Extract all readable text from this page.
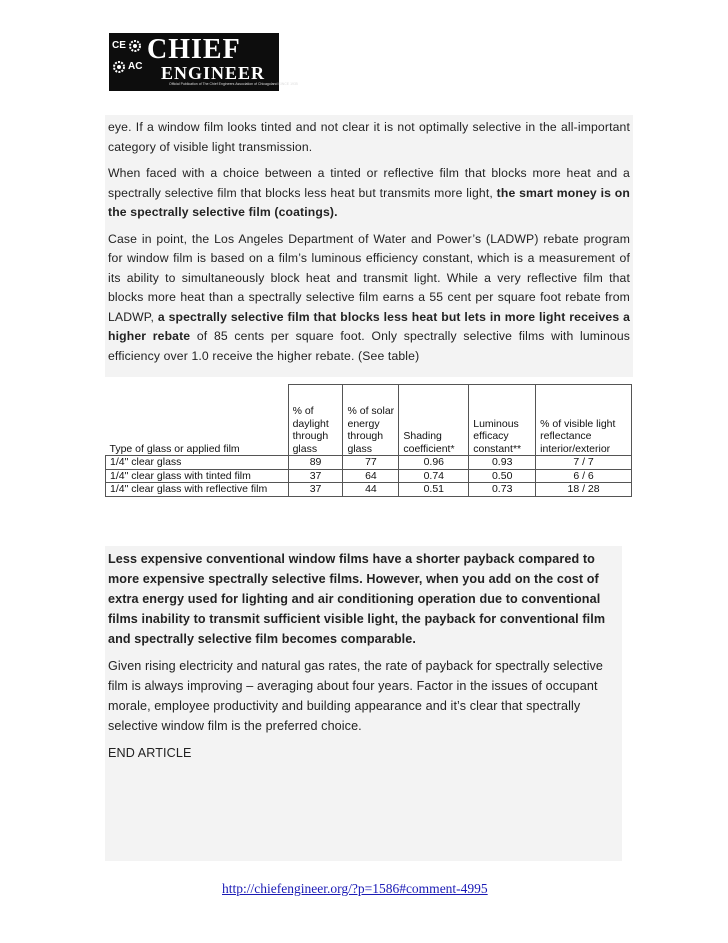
CE
AC
CHIEF
ENGINEER
Official Publication of The Chief Engineers Association of Chicagoland SINCE 1935

eye. If a window film looks tinted and not clear it is not optimally selective in the all-important category of visible light transmission.

When faced with a choice between a tinted or reflective film that blocks more heat and a spectrally selective film that blocks less heat but transmits more light, the smart money is on the spectrally selective film (coatings).

Case in point, the Los Angeles Department of Water and Power’s (LADWP) rebate program for window film is based on a film’s luminous efficiency constant, which is a measurement of its ability to simultaneously block heat and transmit light. While a very reflective film that blocks more heat than a spectrally selective film earns a 55 cent per square foot rebate from LADWP, a spectrally selective film that blocks less heat but lets in more light receives a higher rebate of 85 cents per square foot. Only spectrally selective films with luminous efficiency over 1.0 receive the higher rebate. (See table)

Type of glass or applied film	% of daylight through glass	% of solar energy through glass	Shading coefficient*	Luminous efficacy constant**	% of visible light reflectance interior/exterior
1/4" clear glass	89	77	0.96	0.93	7 / 7
1/4" clear glass with tinted film	37	64	0.74	0.50	6 / 6
1/4" clear glass with reflective film	37	44	0.51	0.73	18 / 28

Less expensive conventional window films have a shorter payback compared to more expensive spectrally selective films. However, when you add on the cost of extra energy used for lighting and air conditioning operation due to conventional films inability to transmit sufficient visible light, the payback for conventional film and spectrally selective film becomes comparable.

Given rising electricity and natural gas rates, the rate of payback for spectrally selective film is always improving – averaging about four years. Factor in the issues of occupant morale, employee productivity and building appearance and it’s clear that spectrally selective window film is the preferred choice.

END ARTICLE

http://chiefengineer.org/?p=1586#comment-4995
